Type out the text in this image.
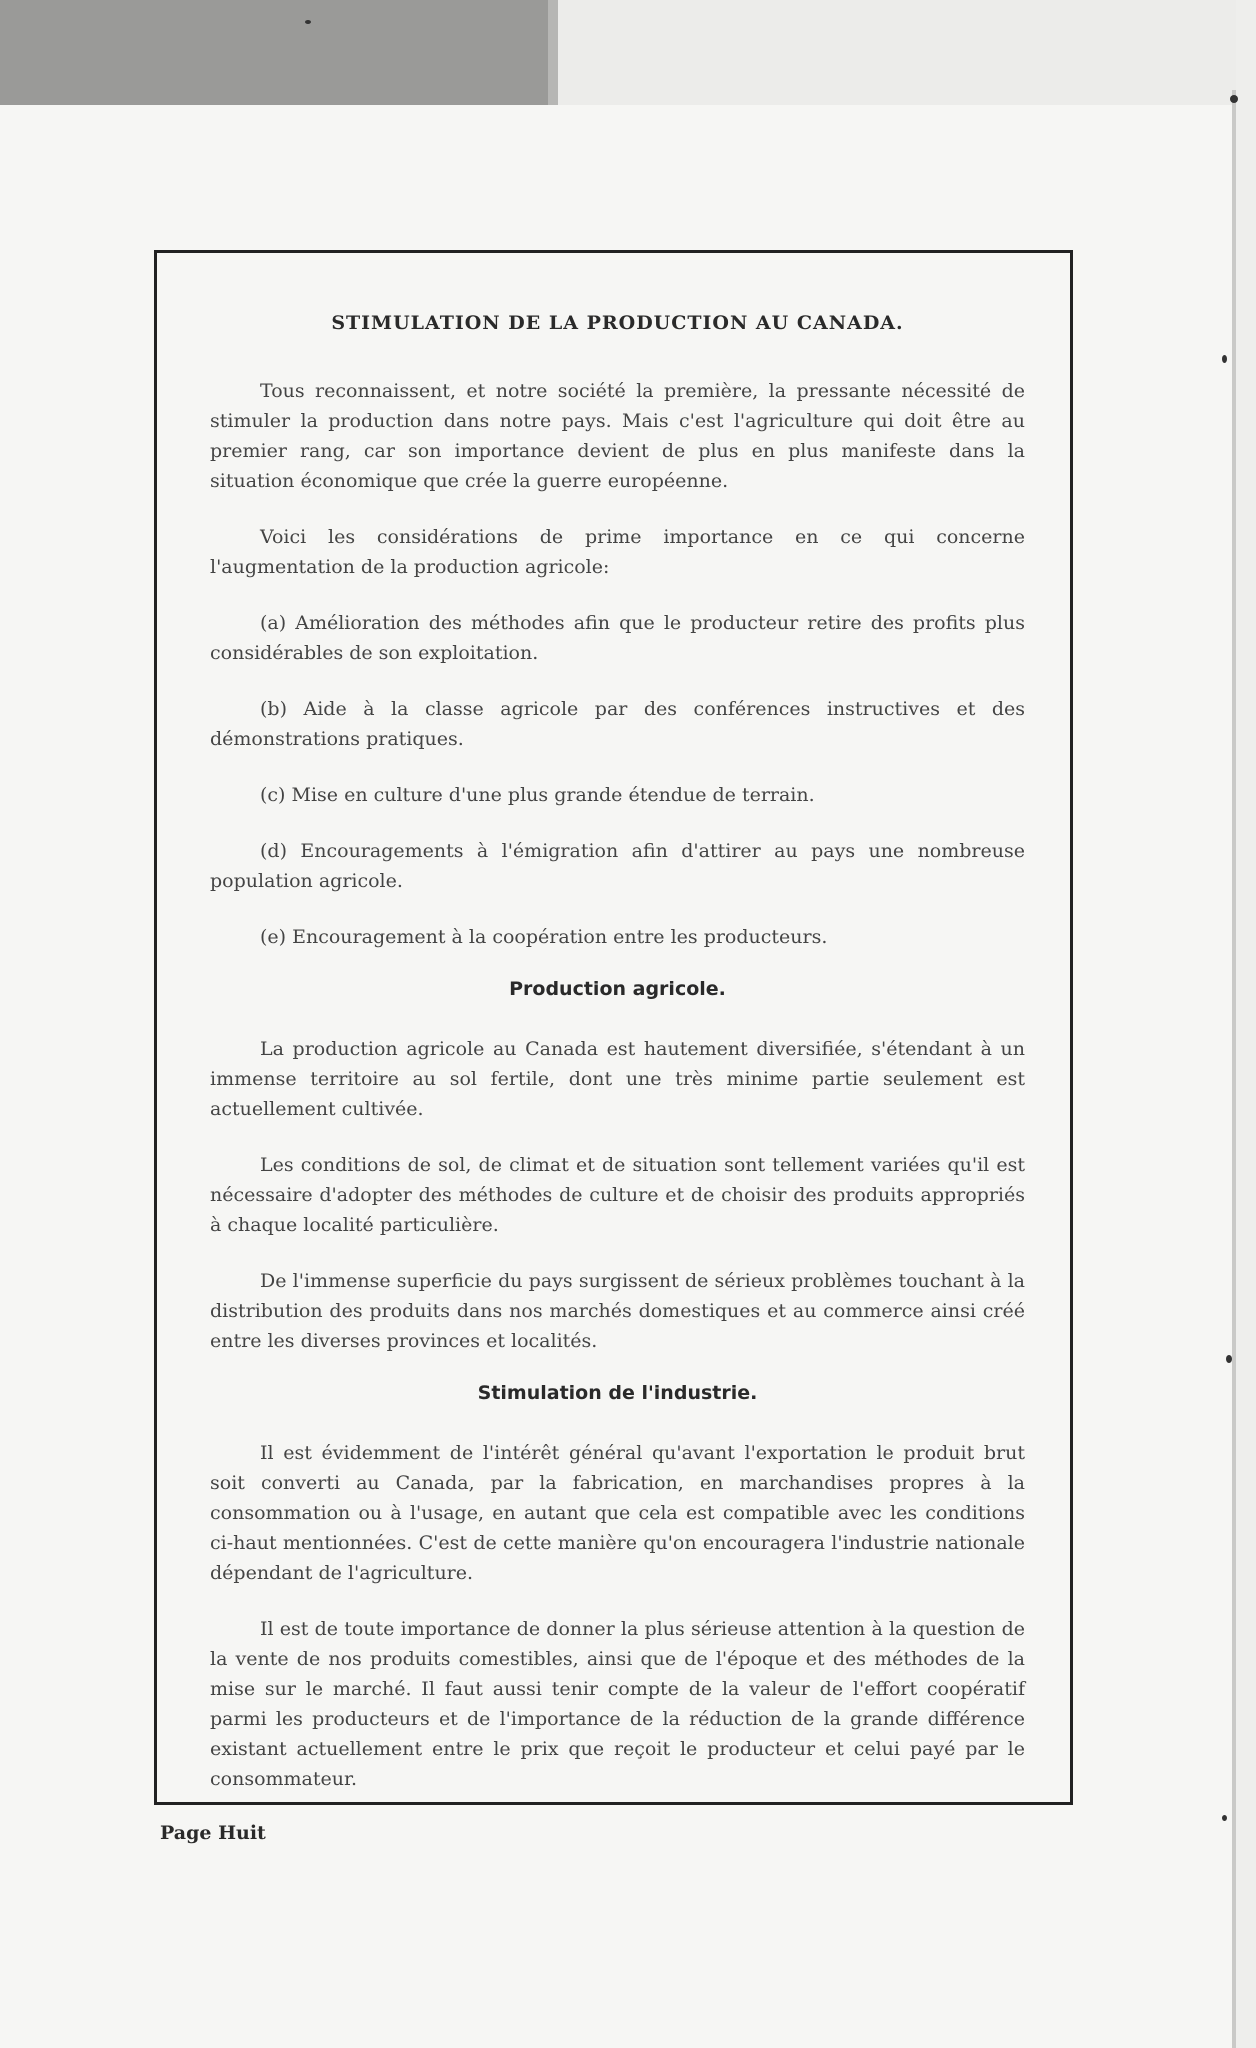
STIMULATION DE LA PRODUCTION AU CANADA.

Tous reconnaissent, et notre société la première, la pressante nécessité de stimuler la production dans notre pays. Mais c'est l'agriculture qui doit être au premier rang, car son importance devient de plus en plus manifeste dans la situation économique que crée la guerre européenne.

Voici les considérations de prime importance en ce qui concerne l'augmentation de la production agricole:

(a) Amélioration des méthodes afin que le producteur retire des profits plus considérables de son exploitation.

(b) Aide à la classe agricole par des conférences instructives et des démonstrations pratiques.

(c) Mise en culture d'une plus grande étendue de terrain.

(d) Encouragements à l'émigration afin d'attirer au pays une nombreuse population agricole.

(e) Encouragement à la coopération entre les producteurs.

Production agricole.

La production agricole au Canada est hautement diversifiée, s'étendant à un immense territoire au sol fertile, dont une très minime partie seulement est actuellement cultivée.

Les conditions de sol, de climat et de situation sont tellement variées qu'il est nécessaire d'adopter des méthodes de culture et de choisir des produits appropriés à chaque localité particulière.

De l'immense superficie du pays surgissent de sérieux problèmes touchant à la distribution des produits dans nos marchés domestiques et au commerce ainsi créé entre les diverses provinces et localités.

Stimulation de l'industrie.

Il est évidemment de l'intérêt général qu'avant l'exportation le produit brut soit converti au Canada, par la fabrication, en marchandises propres à la consommation ou à l'usage, en autant que cela est compatible avec les conditions ci-haut mentionnées. C'est de cette manière qu'on encouragera l'industrie nationale dépendant de l'agriculture.

Il est de toute importance de donner la plus sérieuse attention à la question de la vente de nos produits comestibles, ainsi que de l'époque et des méthodes de la mise sur le marché. Il faut aussi tenir compte de la valeur de l'effort coopératif parmi les producteurs et de l'importance de la réduction de la grande différence existant actuellement entre le prix que reçoit le producteur et celui payé par le consommateur.

Page Huit
